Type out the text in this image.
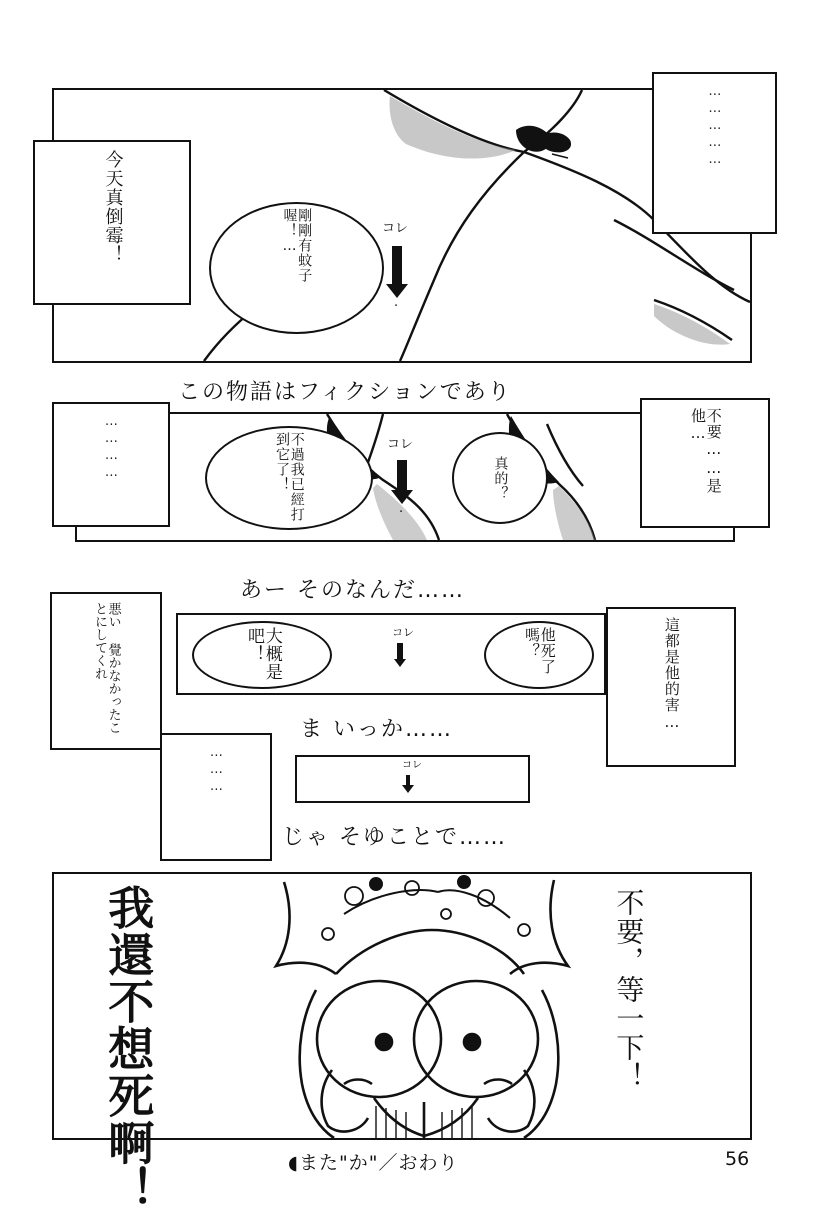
剛剛有蚊子喔！…	コレ
·
今天真倒霉！
……………
この物語はフィクションであり
不過我已經打到它了！	コレ
·
真的？
…………	不要……是他…
あー そのなんだ……
大概是吧！	コレ	他死了嗎？
悪い 覺かなかったことにしてくれ	這都是他的害…
ま いっか……
コレ
………
じゃ そゆことで……
我還不想死啊！	不要，等一下！
◖また"か"／おわり	56
